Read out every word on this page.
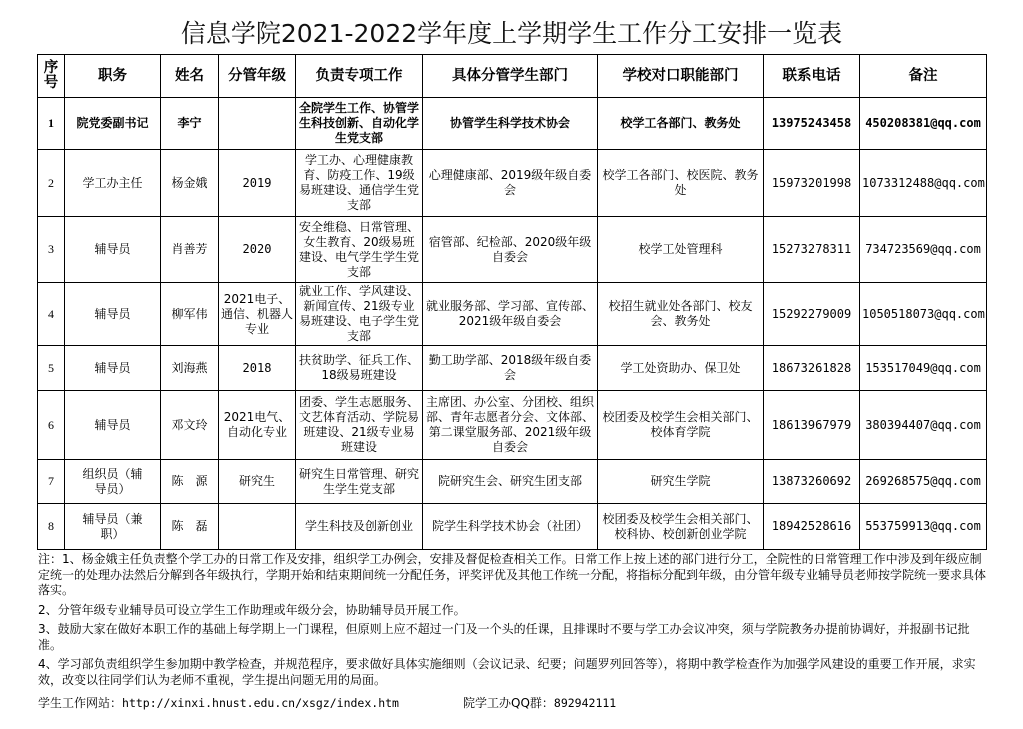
信息学院2021-2022学年度上学期学生工作分工安排一览表
序号	职务	姓名	分管年级	负责专项工作	具体分管学生部门	学校对口职能部门	联系电话	备注
1	院党委副书记	李宁		全院学生工作、协管学生科技创新、自动化学生党支部	协管学生科学技术协会	校学工各部门、教务处	13975243458	450208381@qq.com
2	学工办主任	杨金娥	2019	学工办、心理健康教育、防疫工作、19级易班建设、通信学生党支部	心理健康部、2019级年级自委会	校学工各部门、校医院、教务处	15973201998	1073312488@qq.com
3	辅导员	肖善芳	2020	安全维稳、日常管理、女生教育、20级易班建设、电气学生学生党支部	宿管部、纪检部、2020级年级自委会	校学工处管理科	15273278311	734723569@qq.com
4	辅导员	柳军伟	2021电子、通信、机器人专业	就业工作、学风建设、新闻宣传、21级专业易班建设、电子学生党支部	就业服务部、学习部、宣传部、2021级年级自委会	校招生就业处各部门、校友会、教务处	15292279009	1050518073@qq.com
5	辅导员	刘海燕	2018	扶贫助学、征兵工作、18级易班建设	勤工助学部、2018级年级自委会	学工处资助办、保卫处	18673261828	153517049@qq.com
6	辅导员	邓文玲	2021电气、自动化专业	团委、学生志愿服务、文艺体育活动、学院易班建设、21级专业易班建设	主席团、办公室、分团校、组织部、青年志愿者分会、文体部、第二课堂服务部、2021级年级自委会	校团委及校学生会相关部门、校体育学院	18613967979	380394407@qq.com
7	组织员（辅导员）	陈　源	研究生	研究生日常管理、研究生学生党支部	院研究生会、研究生团支部	研究生学院	13873260692	269268575@qq.com
8	辅导员（兼职）	陈　磊		学生科技及创新创业	院学生科学技术协会（社团）	校团委及校学生会相关部门、校科协、校创新创业学院	18942528616	553759913@qq.com

注：1、杨金娥主任负责整个学工办的日常工作及安排，组织学工办例会，安排及督促检查相关工作。日常工作上按上述的部门进行分工，全院性的日常管理工作中涉及到年级应制定统一的处理办法然后分解到各年级执行，学期开始和结束期间统一分配任务，评奖评优及其他工作统一分配，将指标分配到年级，由分管年级专业辅导员老师按学院统一要求具体落实。

2、分管年级专业辅导员可设立学生工作助理或年级分会，协助辅导员开展工作。

3、鼓励大家在做好本职工作的基础上每学期上一门课程，但原则上应不超过一门及一个头的任课，且排课时不要与学工办会议冲突，须与学院教务办提前协调好，并报副书记批准。

4、学习部负责组织学生参加期中教学检查，并规范程序，要求做好具体实施细则（会议记录、纪要；问题罗列回答等），将期中教学检查作为加强学风建设的重要工作开展，求实效，改变以往同学们认为老师不重视，学生提出问题无用的局面。

学生工作网站：http://xinxi.hnust.edu.cn/xsgz/index.htm	院学工办QQ群：892942111
